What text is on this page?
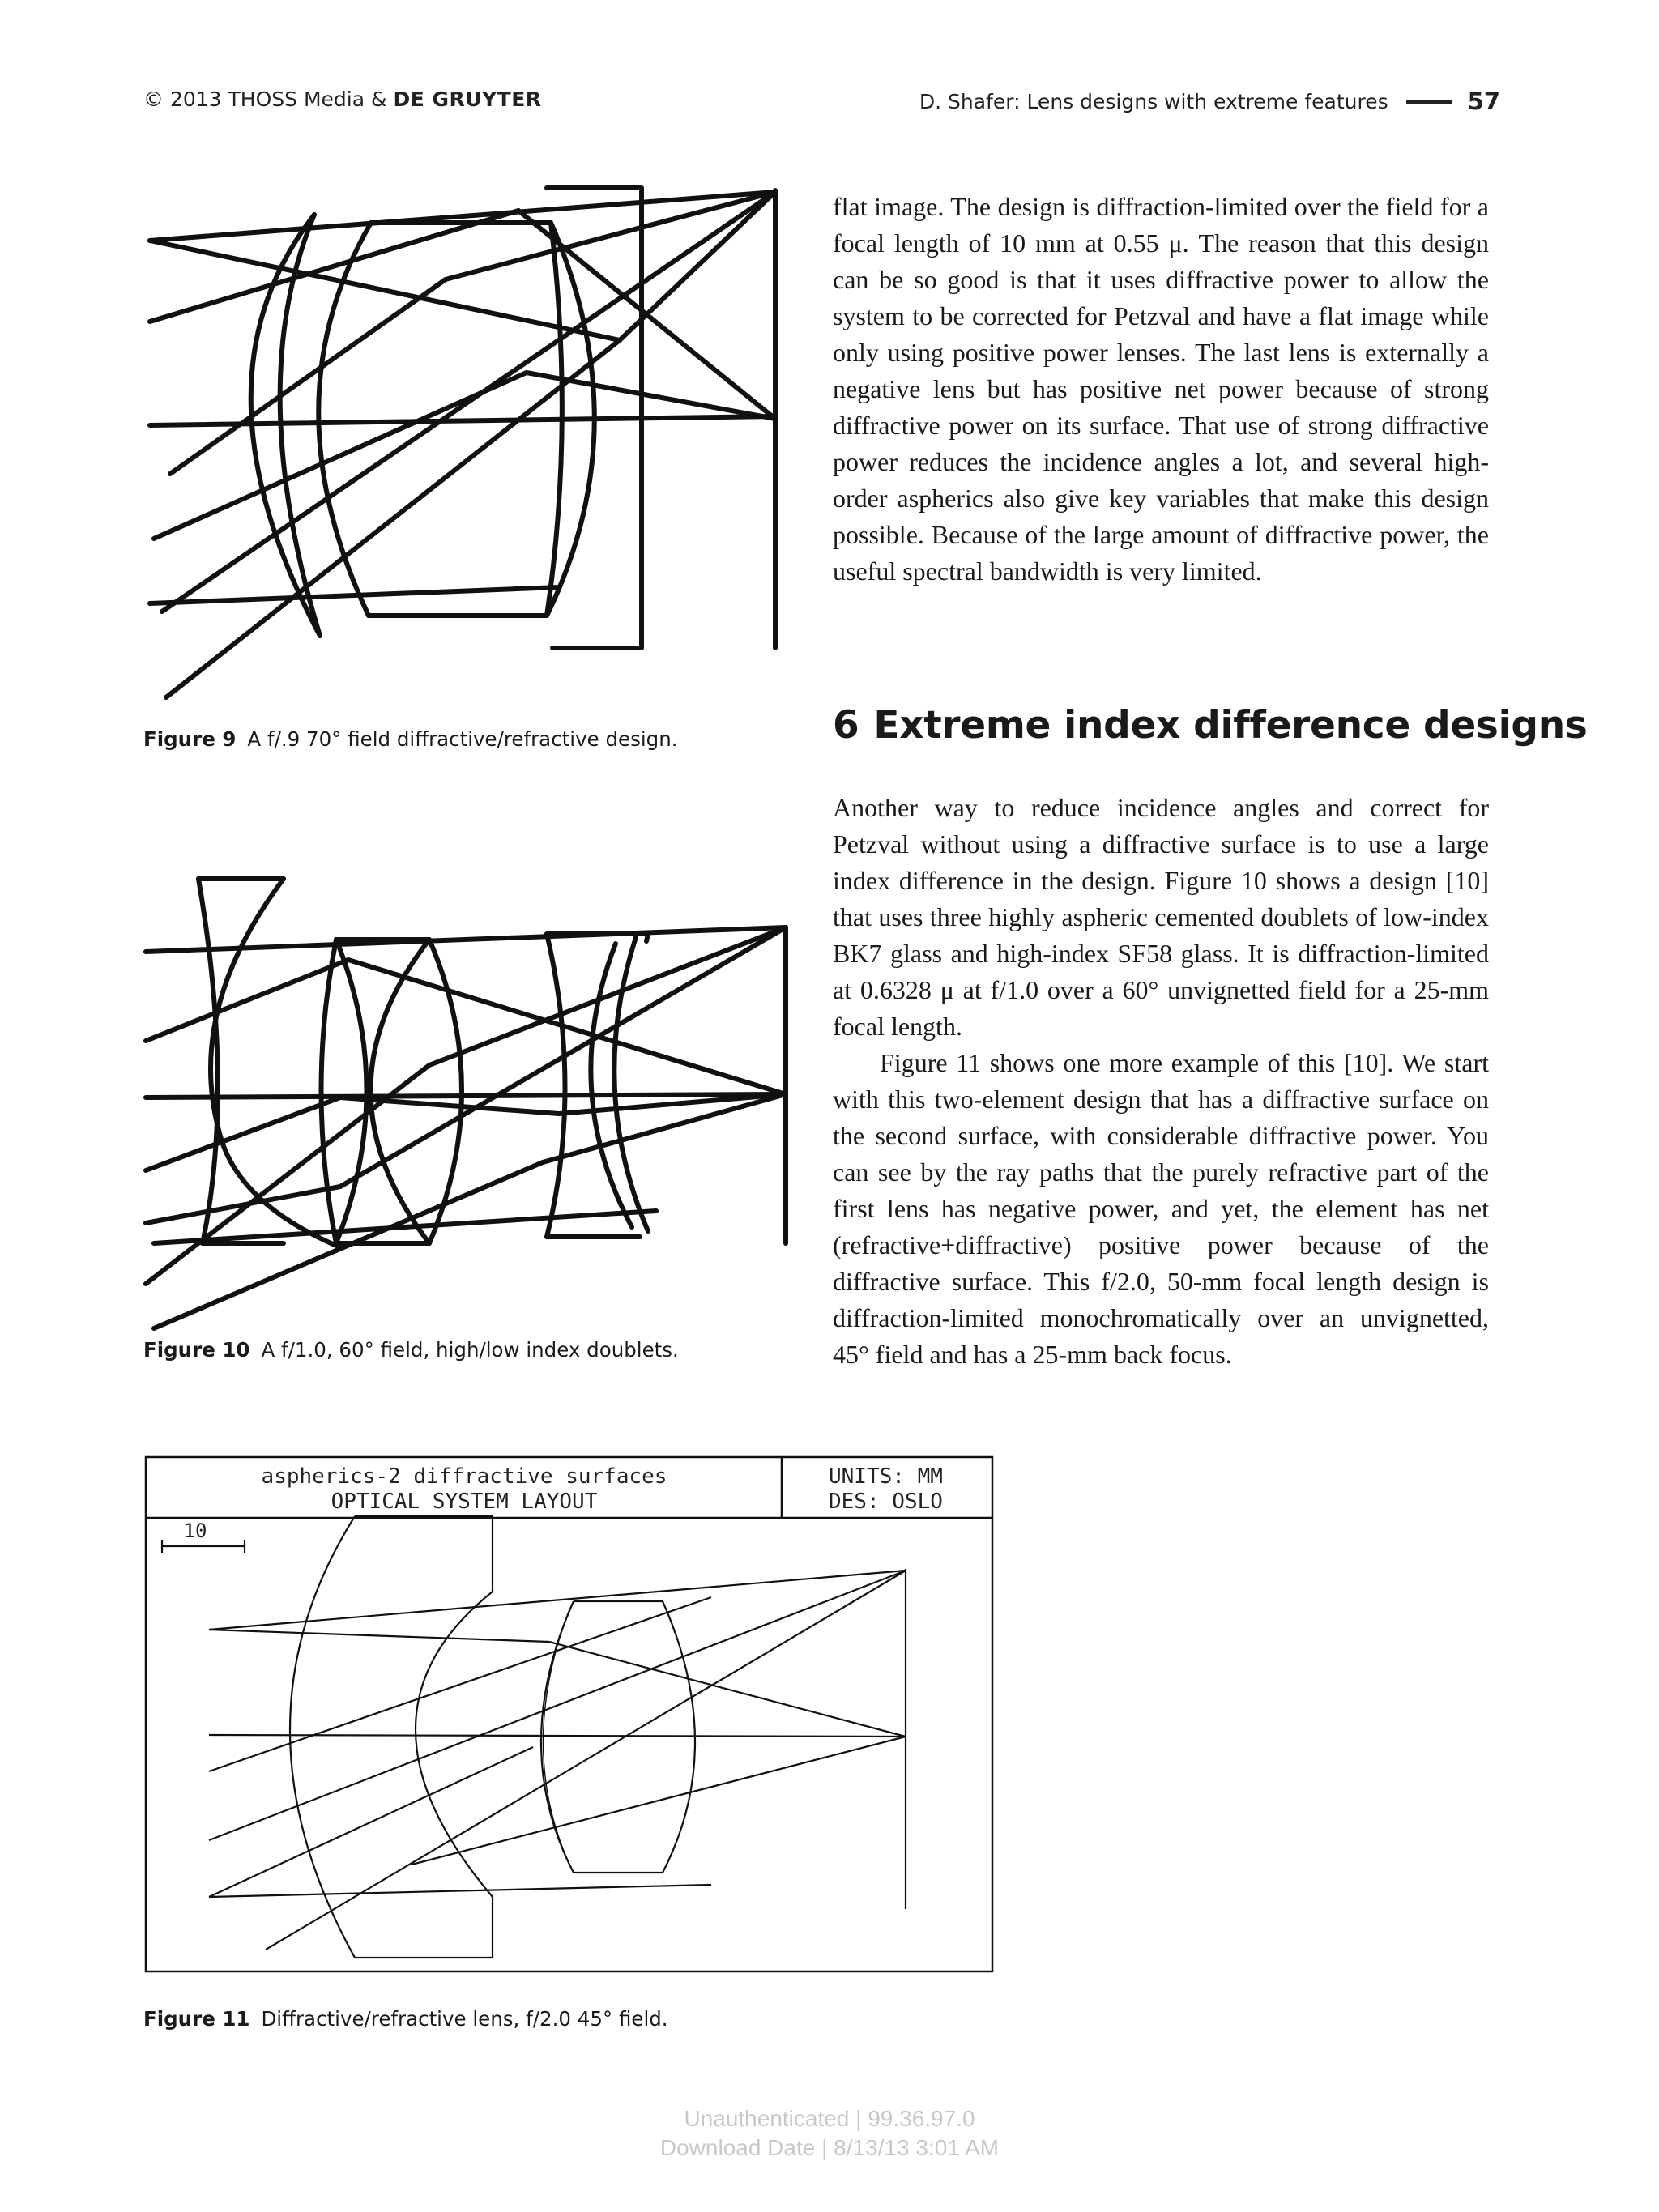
© 2013 THOSS Media & DE GRUYTER	D. Shafer: Lens designs with extreme features	57
Figure 9 A f/.9 70° field diffractive/refractive design.
Figure 10 A f/1.0, 60° field, high/low index doublets.
aspherics-2 diffractive surfaces
OPTICAL SYSTEM LAYOUT
UNITS: MM
DES: OSLO
10
Figure 11 Diffractive/refractive lens, f/2.0 45° field.

flat image. The design is diffraction-limited over the field for a focal length of 10 mm at 0.55 μ. The reason that this design can be so good is that it uses diffractive power to allow the system to be corrected for Petzval and have a flat image while only using positive power lenses. The last lens is externally a negative lens but has positive net power because of strong diffractive power on its surface. That use of strong diffractive power reduces the incidence angles a lot, and several high-order aspherics also give key variables that make this design possible. Because of the large amount of diffractive power, the useful spectral bandwidth is very limited.

6 Extreme index difference designs

Another way to reduce incidence angles and correct for Petzval without using a diffractive surface is to use a large index difference in the design. Figure 10 shows a design [10] that uses three highly aspheric cemented doublets of low-index BK7 glass and high-index SF58 glass. It is diffraction-limited at 0.6328 μ at f/1.0 over a 60° unvignetted field for a 25-mm focal length.

Figure 11 shows one more example of this [10]. We start with this two-element design that has a diffractive surface on the second surface, with considerable diffractive power. You can see by the ray paths that the purely refractive part of the first lens has negative power, and yet, the element has net (refractive+diffractive) positive power because of the diffractive surface. This f/2.0, 50-mm focal length design is diffraction-limited monochromatically over an unvignetted, 45° field and has a 25-mm back focus.

Unauthenticated | 99.36.97.0
Download Date | 8/13/13 3:01 AM
